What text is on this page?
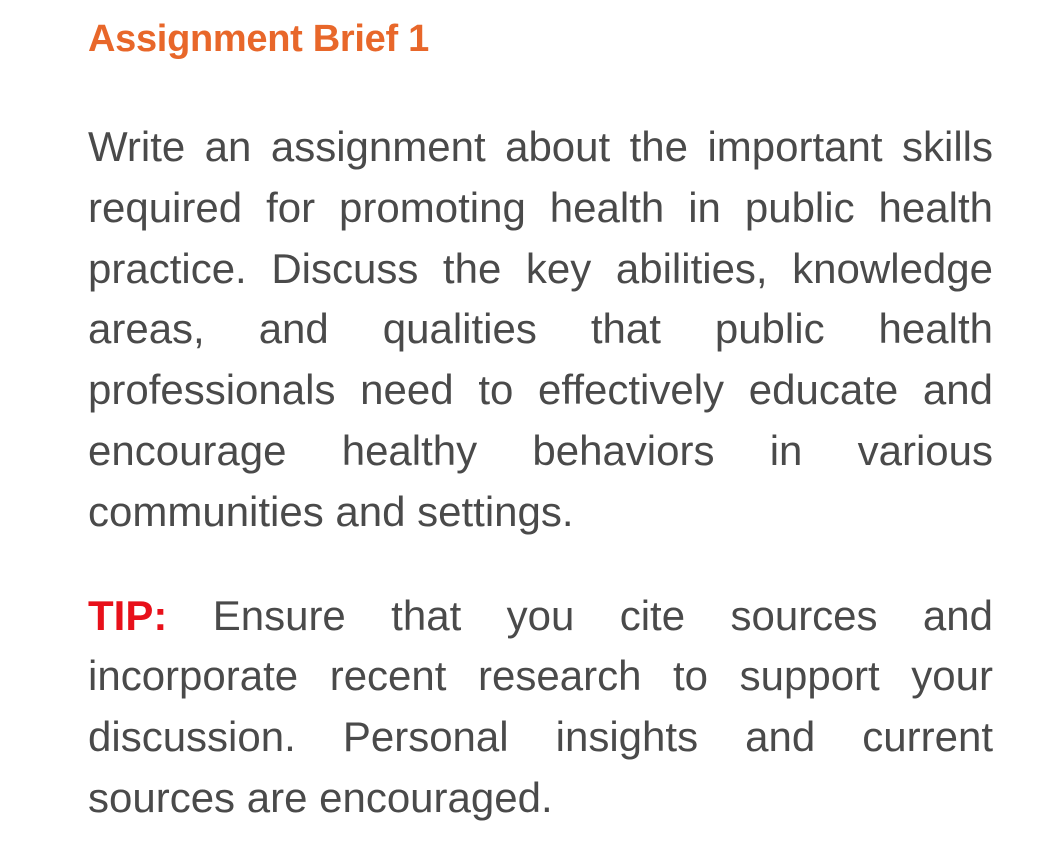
Assignment Brief 1

Write an assignment about the important skills required for promoting health in public health practice. Discuss the key abilities, knowledge areas, and qualities that public health professionals need to effectively educate and encourage healthy behaviors in various communities and settings.

TIP: Ensure that you cite sources and incorporate recent research to support your discussion. Personal insights and current sources are encouraged.
